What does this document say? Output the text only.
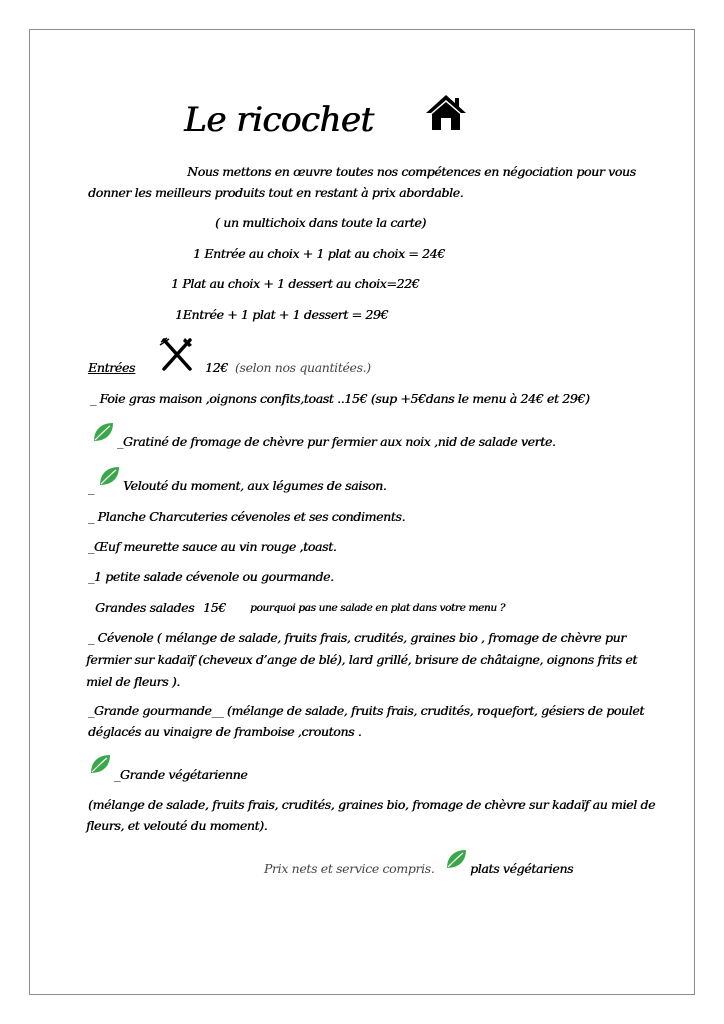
Le ricochet
Nous mettons en œuvre toutes nos compétences en négociation pour vous
donner les meilleurs produits tout en restant à prix abordable.
( un multichoix dans toute la carte)
1 Entrée au choix + 1 plat au choix = 24€
1 Plat au choix + 1 dessert au choix=22€
1Entrée + 1 plat + 1 dessert = 29€
Entrées	12€ (selon nos quantitées.)
_ Foie gras maison ,oignons confits,toast ..15€ (sup +5€dans le menu à 24€ et 29€)
_Gratiné de fromage de chèvre pur fermier aux noix ,nid de salade verte.
_ Velouté du moment, aux légumes de saison.
_ Planche Charcuteries cévenoles et ses condiments.
_Œuf meurette sauce au vin rouge ,toast.
_1 petite salade cévenole ou gourmande.
Grandes salades 15€ pourquoi pas une salade en plat dans votre menu ?
_ Cévenole ( mélange de salade, fruits frais, crudités, graines bio , fromage de chèvre pur
fermier sur kadaïf (cheveux d’ange de blé), lard grillé, brisure de châtaigne, oignons frits et
miel de fleurs ).
_Grande gourmande__ (mélange de salade, fruits frais, crudités, roquefort, gésiers de poulet
déglacés au vinaigre de framboise ,croutons .
_Grande végétarienne
(mélange de salade, fruits frais, crudités, graines bio, fromage de chèvre sur kadaïf au miel de
fleurs, et velouté du moment).
Prix nets et service compris.	plats végétariens
